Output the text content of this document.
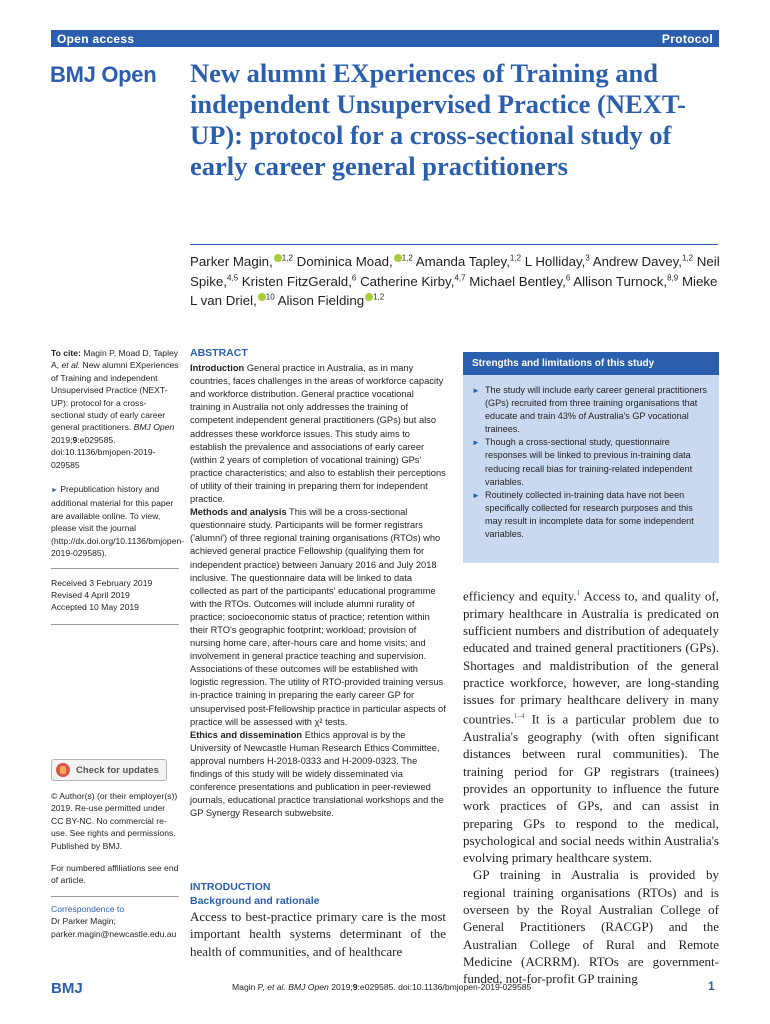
Open access	Protocol
BMJ Open New alumni EXperiences of Training and independent Unsupervised Practice (NEXT-UP): protocol for a cross-sectional study of early career general practitioners
Parker Magin, $^{1,2}$ Dominica Moad, $^{1,2}$ Amanda Tapley,$^{1,2}$ L Holliday,$^3$ Andrew Davey,$^{1,2}$ Neil Spike,$^{4,5}$ Kristen FitzGerald,$^6$ Catherine Kirby,$^{4,7}$ Michael Bentley,$^6$ Allison Turnock,$^{8,9}$ Mieke L van Driel, $^{10}$ Alison Fielding $^{1,2}$

To cite: Magin P, Moad D, Tapley A, et al. New alumni EXperiences of Training and independent Unsupervised Practice (NEXT-UP): protocol for a cross-sectional study of early career general practitioners. BMJ Open 2019;9:e029585. doi:10.1136/bmjopen-2019-029585

► Prepublication history and additional material for this paper are available online. To view, please visit the journal (http://dx.doi.org/10.1136/bmjopen-2019-029585).

Received 3 February 2019

Revised 4 April 2019

Accepted 10 May 2019

Check for updates

© Author(s) (or their employer(s)) 2019. Re-use permitted under CC BY-NC. No commercial re-use. See rights and permissions. Published by BMJ.

For numbered affiliations see end of article.

Correspondence to

Dr Parker Magin;

parker.magin@newcastle.edu.au

ABSTRACT

Introduction General practice in Australia, as in many countries, faces challenges in the areas of workforce capacity and workforce distribution. General practice vocational training in Australia not only addresses the training of competent independent general practitioners (GPs) but also addresses these workforce issues. This study aims to establish the prevalence and associations of early career (within 2 years of completion of vocational training) GPs' practice characteristics; and also to establish their perceptions of utility of their training in preparing them for independent practice.

Methods and analysis This will be a cross-sectional questionnaire study. Participants will be former registrars ('alumni') of three regional training organisations (RTOs) who achieved general practice Fellowship (qualifying them for independent practice) between January 2016 and July 2018 inclusive. The questionnaire data will be linked to data collected as part of the participants' educational programme with the RTOs. Outcomes will include alumni rurality of practice; socioeconomic status of practice; retention within their RTO's geographic footprint; workload; provision of nursing home care, after-hours care and home visits; and involvement in general practice teaching and supervision. Associations of these outcomes will be established with logistic regression. The utility of RTO-provided training versus in-practice training in preparing the early career GP for unsupervised post-Ffellowship practice in particular aspects of practice will be assessed with χ² tests.

Ethics and dissemination Ethics approval is by the University of Newcastle Human Research Ethics Committee, approval numbers H-2018-0333 and H-2009-0323. The findings of this study will be widely disseminated via conference presentations and publication in peer-reviewed journals, educational practice translational workshops and the GP Synergy Research subwebsite.

INTRODUCTION
Background and rationale

Access to best-practice primary care is the most important health systems determinant of the health of communities, and of healthcare

Strengths and limitations of this study
► The study will include early career general practitioners (GPs) recruited from three training organisations that educate and train 43% of Australia's GP vocational trainees.
► Though a cross-sectional study, questionnaire responses will be linked to previous in-training data reducing recall bias for training-related independent variables.
► Routinely collected in-training data have not been specifically collected for research purposes and this may result in incomplete data for some independent variables.

efficiency and equity.$^1$ Access to, and quality of, primary healthcare in Australia is predicated on sufficient numbers and distribution of adequately educated and trained general practitioners (GPs). Shortages and maldistribution of the general practice workforce, however, are long-standing issues for primary healthcare delivery in many countries.$^{1-4}$ It is a particular problem due to Australia's geography (with often significant distances between rural communities). The training period for GP registrars (trainees) provides an opportunity to influence the future work practices of GPs, and can assist in preparing GPs to respond to the medical, psychological and social needs within Australia's evolving primary healthcare system.

GP training in Australia is provided by regional training organisations (RTOs) and is overseen by the Royal Australian College of General Practitioners (RACGP) and the Australian College of Rural and Remote Medicine (ACRRM). RTOs are government-funded, not-for-profit GP training

BMJ	Magin P, et al. BMJ Open 2019;9:e029585. doi:10.1136/bmjopen-2019-029585	1
